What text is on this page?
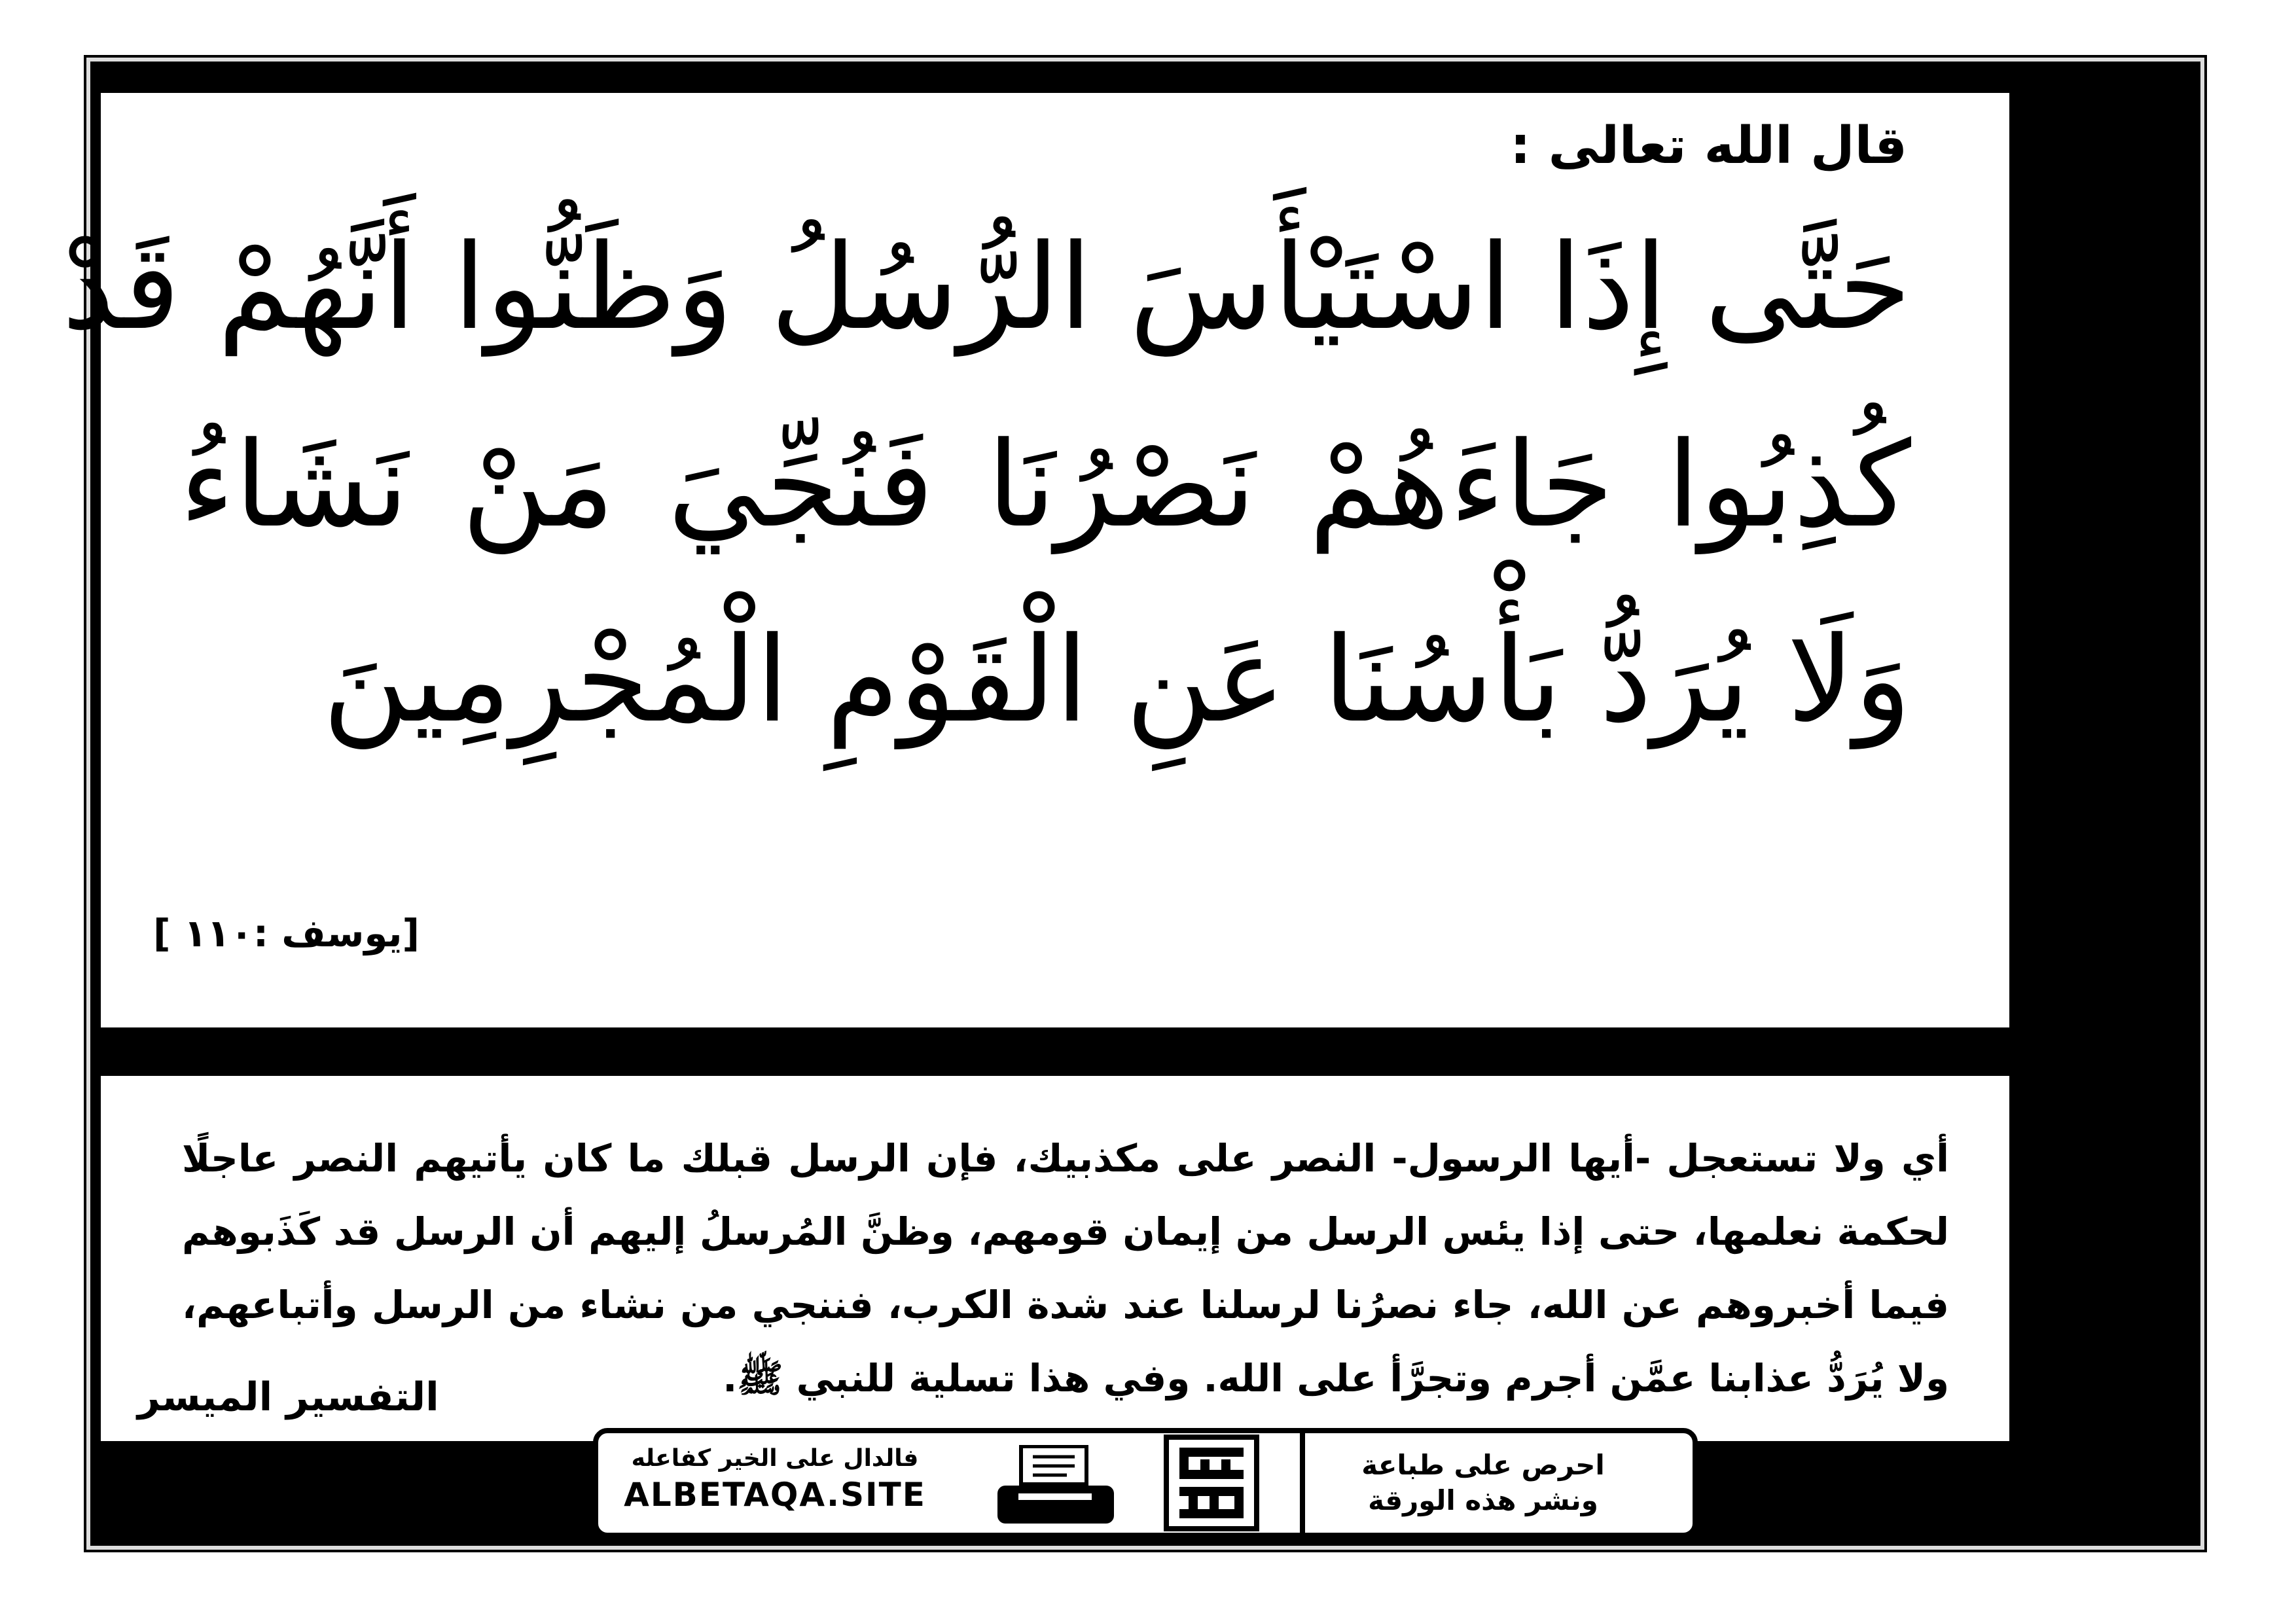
قال الله تعالى :
حَتَّى إِذَا اسْتَيْأَسَ الرُّسُلُ وَظَنُّوا أَنَّهُمْ قَدْ
كُذِبُوا جَاءَهُمْ نَصْرُنَا فَنُجِّيَ مَنْ نَشَاءُ
وَلَا يُرَدُّ بَأْسُنَا عَنِ الْقَوْمِ الْمُجْرِمِينَ
[يوسف :١١٠ ]
أي ولا تستعجل -أيها الرسول- النصر على مكذبيك، فإن الرسل قبلك ما كان يأتيهم النصر عاجلًا لحكمة نعلمها، حتى إذا يئس الرسل من إيمان قومهم، وظنَّ المُرسلُ إليهم أن الرسل قد كَذَبوهم فيما أخبروهم عن الله، جاء نصرُنا لرسلنا عند شدة الكرب، فننجي من نشاء من الرسل وأتباعهم، ولا يُرَدُّ عذابنا عمَّن أجرم وتجرَّأ على الله. وفي هذا تسلية للنبي ﷺ.
التفسير الميسر
فالدال على الخير كفاعله
ALBETAQA.SITE
احرص على طباعة
ونشر هذه الورقة
